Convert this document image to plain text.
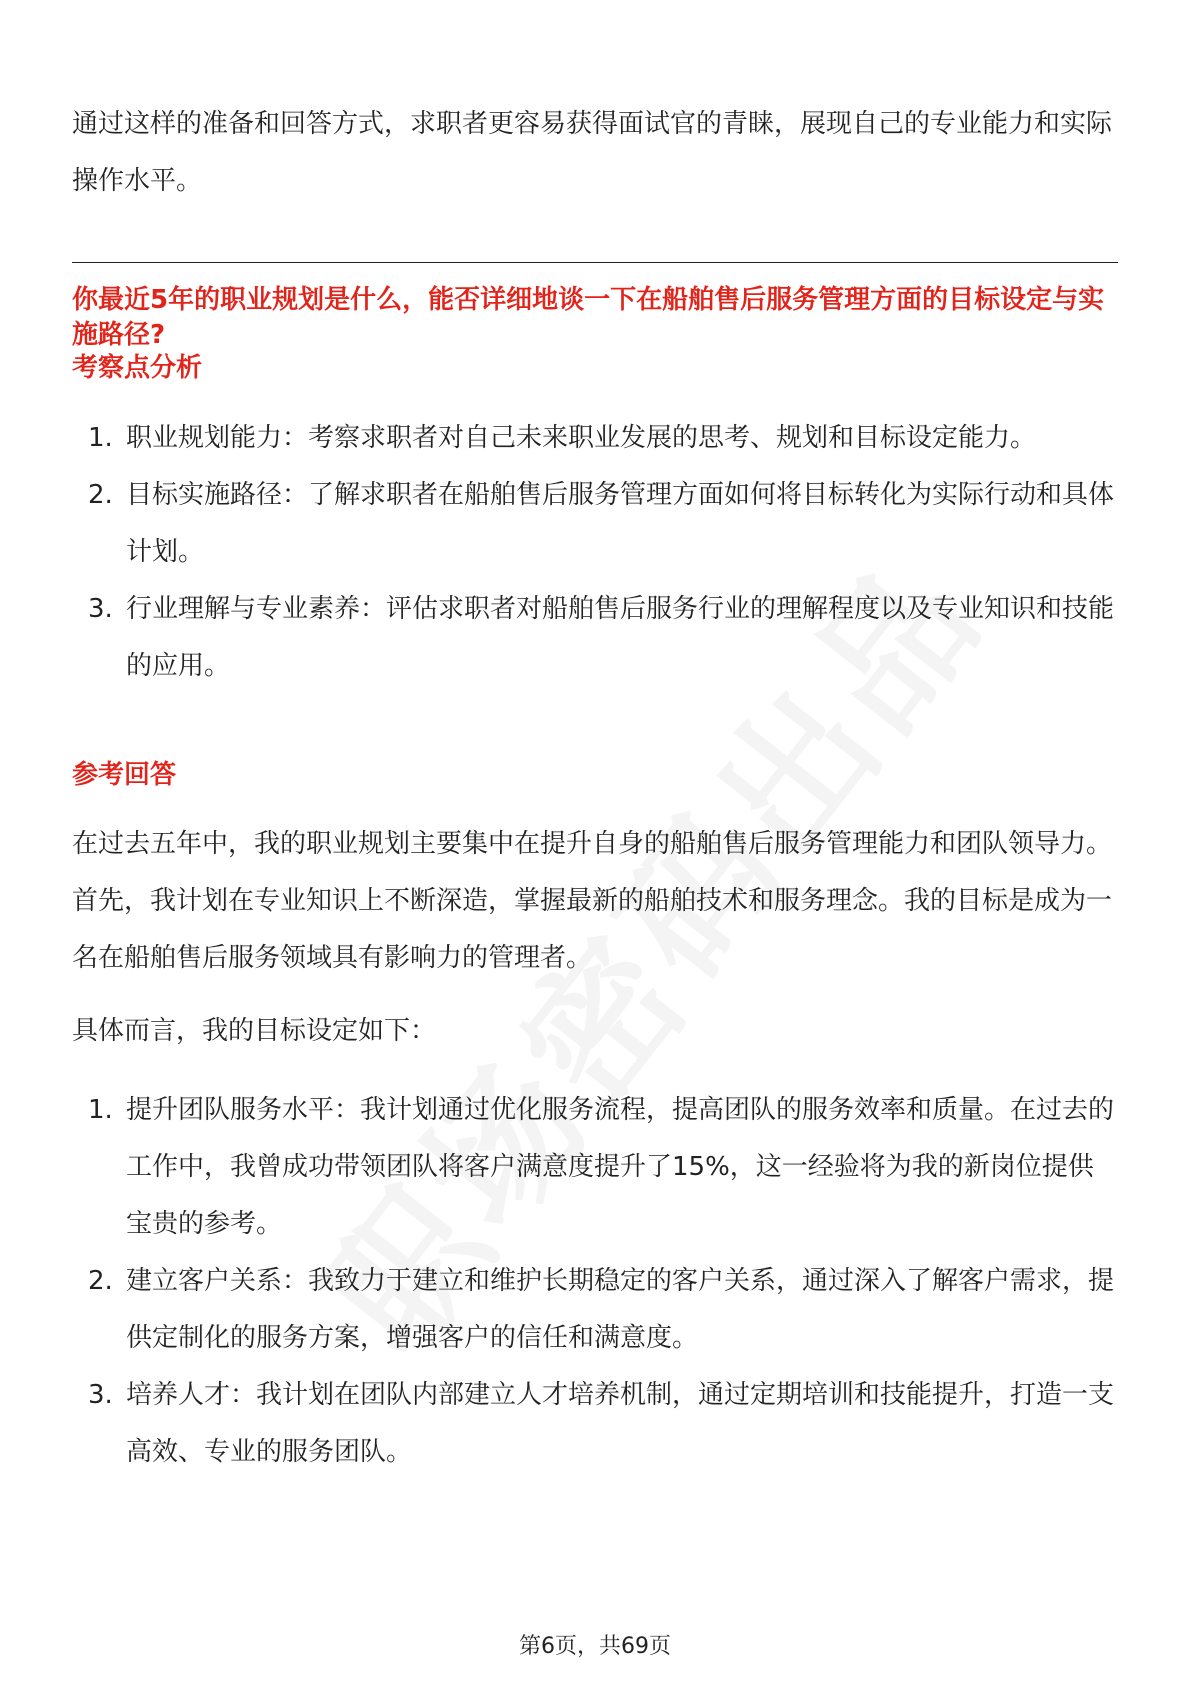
通过这样的准备和回答方式，求职者更容易获得面试官的青睐，展现自己的专业能力和实际操作水平。

你最近5年的职业规划是什么，能否详细地谈一下在船舶售后服务管理方面的目标设定与实施路径?

考察点分析

1. 职业规划能力：考察求职者对自己未来职业发展的思考、规划和目标设定能力。
2. 目标实施路径：了解求职者在船舶售后服务管理方面如何将目标转化为实际行动和具体计划。
3. 行业理解与专业素养：评估求职者对船舶售后服务行业的理解程度以及专业知识和技能的应用。

参考回答

在过去五年中，我的职业规划主要集中在提升自身的船舶售后服务管理能力和团队领导力。首先，我计划在专业知识上不断深造，掌握最新的船舶技术和服务理念。我的目标是成为一名在船舶售后服务领域具有影响力的管理者。

具体而言，我的目标设定如下：

1. 提升团队服务水平：我计划通过优化服务流程，提高团队的服务效率和质量。在过去的工作中，我曾成功带领团队将客户满意度提升了15%，这一经验将为我的新岗位提供宝贵的参考。
2. 建立客户关系：我致力于建立和维护长期稳定的客户关系，通过深入了解客户需求，提供定制化的服务方案，增强客户的信任和满意度。
3. 培养人才：我计划在团队内部建立人才培养机制，通过定期培训和技能提升，打造一支高效、专业的服务团队。
第6页，共69页
